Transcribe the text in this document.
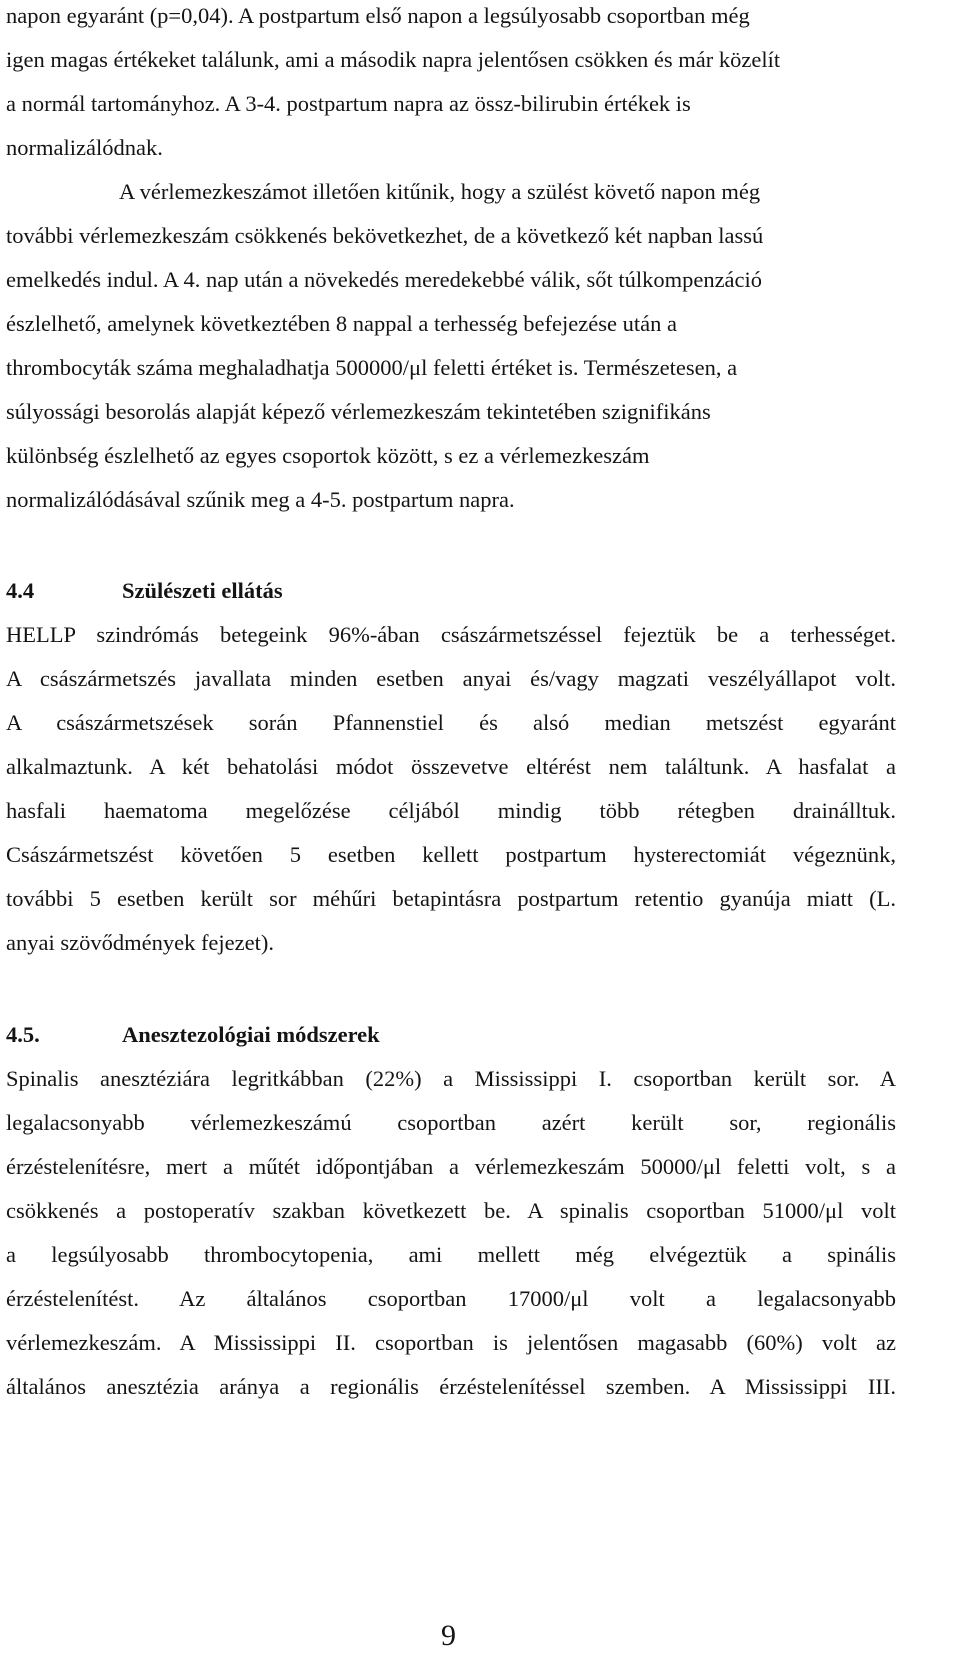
napon egyaránt (p=0,04). A postpartum első napon a legsúlyosabb csoportban még
igen magas értékeket találunk, ami a második napra jelentősen csökken és már közelít
a normál tartományhoz. A 3-4. postpartum napra az össz-bilirubin értékek is
normalizálódnak.
A vérlemezkeszámot illetően kitűnik, hogy a szülést követő napon még
további vérlemezkeszám csökkenés bekövetkezhet, de a következő két napban lassú
emelkedés indul. A 4. nap után a növekedés meredekebbé válik, sőt túlkompenzáció
észlelhető, amelynek következtében 8 nappal a terhesség befejezése után a
thrombocyták száma meghaladhatja 500000/μl feletti értéket is. Természetesen, a
súlyossági besorolás alapját képező vérlemezkeszám tekintetében szignifikáns
különbség észlelhető az egyes csoportok között, s ez a vérlemezkeszám
normalizálódásával szűnik meg a 4-5. postpartum napra.
4.4	Szülészeti ellátás
HELLP szindrómás betegeink 96%-ában császármetszéssel fejeztük be a terhességet.
A császármetszés javallata minden esetben anyai és/vagy magzati veszélyállapot volt.
A császármetszések során Pfannenstiel és alsó median metszést egyaránt
alkalmaztunk. A két behatolási módot összevetve eltérést nem találtunk. A hasfalat a
hasfali haematoma megelőzése céljából mindig több rétegben drainálltuk.
Császármetszést követően 5 esetben kellett postpartum hysterectomiát végeznünk,
további 5 esetben került sor méhűri betapintásra postpartum retentio gyanúja miatt (L.
anyai szövődmények fejezet).
4.5.	Anesztezológiai módszerek
Spinalis anesztéziára legritkábban (22%) a Mississippi I. csoportban került sor. A
legalacsonyabb vérlemezkeszámú csoportban azért került sor, regionális
érzéstelenítésre, mert a műtét időpontjában a vérlemezkeszám 50000/μl feletti volt, s a
csökkenés a postoperatív szakban következett be. A spinalis csoportban 51000/μl volt
a legsúlyosabb thrombocytopenia, ami mellett még elvégeztük a spinális
érzéstelenítést. Az általános csoportban 17000/μl volt a legalacsonyabb
vérlemezkeszám. A Mississippi II. csoportban is jelentősen magasabb (60%) volt az
általános anesztézia aránya a regionális érzéstelenítéssel szemben. A Mississippi III.
9
